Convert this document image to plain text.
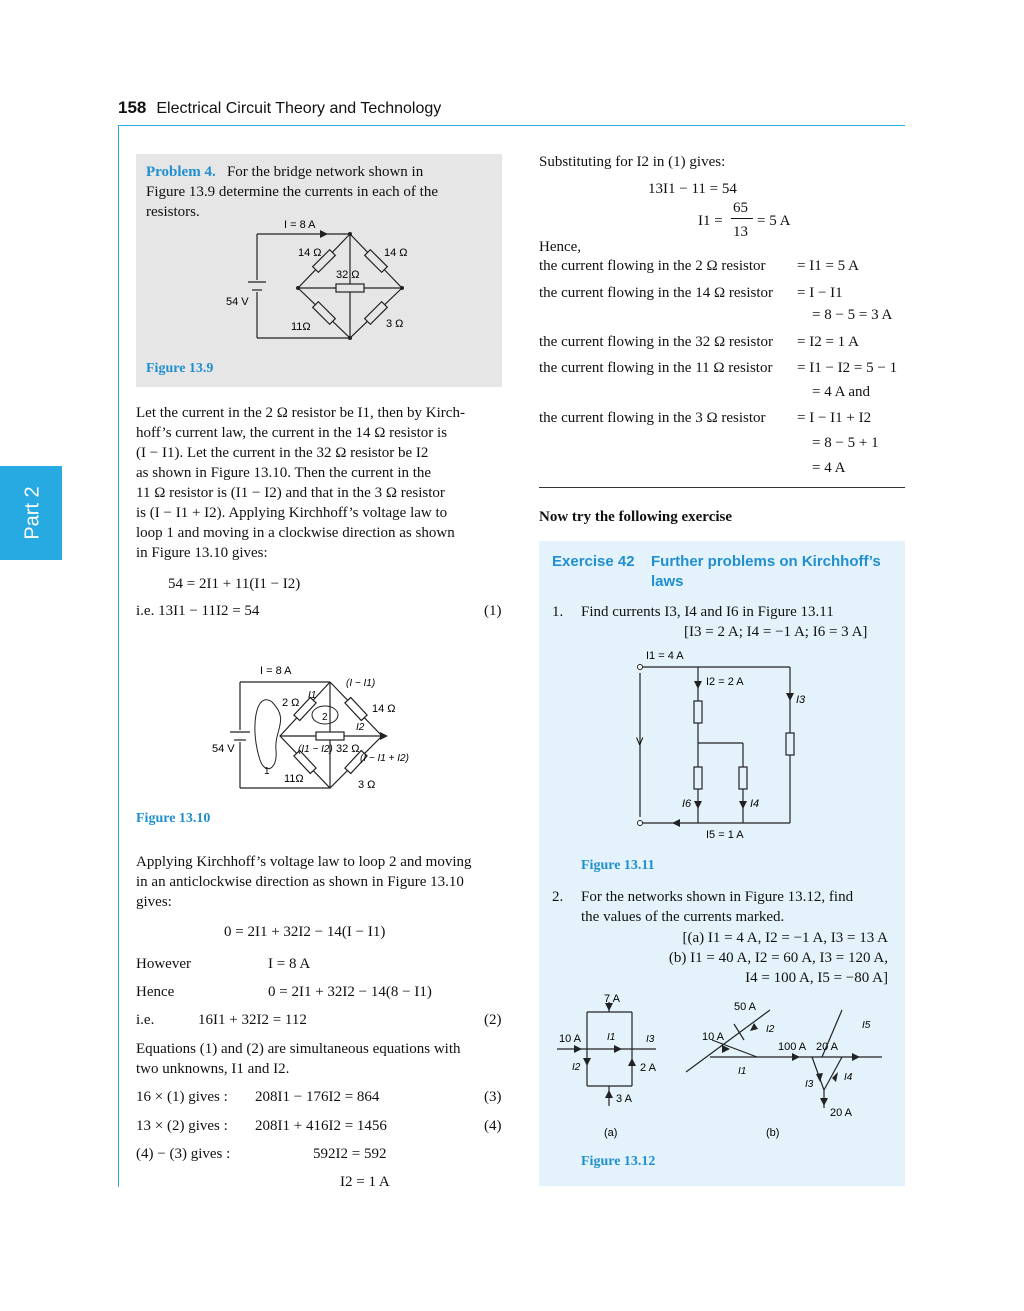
158 Electrical Circuit Theory and Technology
Part 2
Problem 4. For the bridge network shown in
Figure 13.9 determine the currents in each of the
resistors.
I = 8 A
14 Ω	14 Ω
32 Ω
11Ω	3 Ω
54 V
Figure 13.9
Let the current in the 2 Ω resistor be I1, then by Kirch-
hoff’s current law, the current in the 14 Ω resistor is
(I − I1). Let the current in the 32 Ω resistor be I2
as shown in Figure 13.10. Then the current in the
11 Ω resistor is (I1 − I2) and that in the 3 Ω resistor
is (I − I1 + I2). Applying Kirchhoff’s voltage law to
loop 1 and moving in a clockwise direction as shown
in Figure 13.10 gives:
54 = 2I1 + 11(I1 − I2)
i.e. 13I1 − 11I2 = 54	(1)
I = 8 A
I1
(I − I1)
2 Ω	14 Ω
2
I2
54 V	(I1 − I2) 32 Ω
(I − I1 + I2)
1
11Ω	3 Ω
Figure 13.10
Applying Kirchhoff’s voltage law to loop 2 and moving
in an anticlockwise direction as shown in Figure 13.10
gives:
0 = 2I1 + 32I2 − 14(I − I1)
However	I = 8 A
Hence	0 = 2I1 + 32I2 − 14(8 − I1)
i.e.	16I1 + 32I2 = 112	(2)
Equations (1) and (2) are simultaneous equations with
two unknowns, I1 and I2.
16 × (1) gives : 208I1 − 176I2 = 864	(3)
13 × (2) gives : 208I1 + 416I2 = 1456	(4)
(4) − (3) gives :	592I2 = 592
I2 = 1 A
Substituting for I2 in (1) gives:
13I1 − 11 = 54
I1 =
65
13
= 5 A
Hence,
the current flowing in the 2 Ω resistor = I1 = 5 A
the current flowing in the 14 Ω resistor = I − I1
= 8 − 5 = 3 A
the current flowing in the 32 Ω resistor = I2 = 1 A
the current flowing in the 11 Ω resistor = I1 − I2 = 5 − 1
= 4 A and
the current flowing in the 3 Ω resistor = I − I1 + I2
= 8 − 5 + 1
= 4 A
Now try the following exercise
Exercise 42 Further problems on Kirchhoff’s
laws
1. Find currents I3, I4 and I6 in Figure 13.11
[I3 = 2 A; I4 = −1 A; I6 = 3 A]
I1 = 4 A
I2 = 2 A
I3
V
I6	I4
I5 = 1 A
Figure 13.11
2. For the networks shown in Figure 13.12, find
the values of the currents marked.
[(a) I1 = 4 A, I2 = −1 A, I3 = 13 A
(b) I1 = 40 A, I2 = 60 A, I3 = 120 A,
I4 = 100 A, I5 = −80 A]
7 A
10 A	I1	I3
I2	2 A
3 A
(a)
50 A
10 A
I2	I5
100 A 20 A
I1
I3
I4
20 A
(b)
Figure 13.12
